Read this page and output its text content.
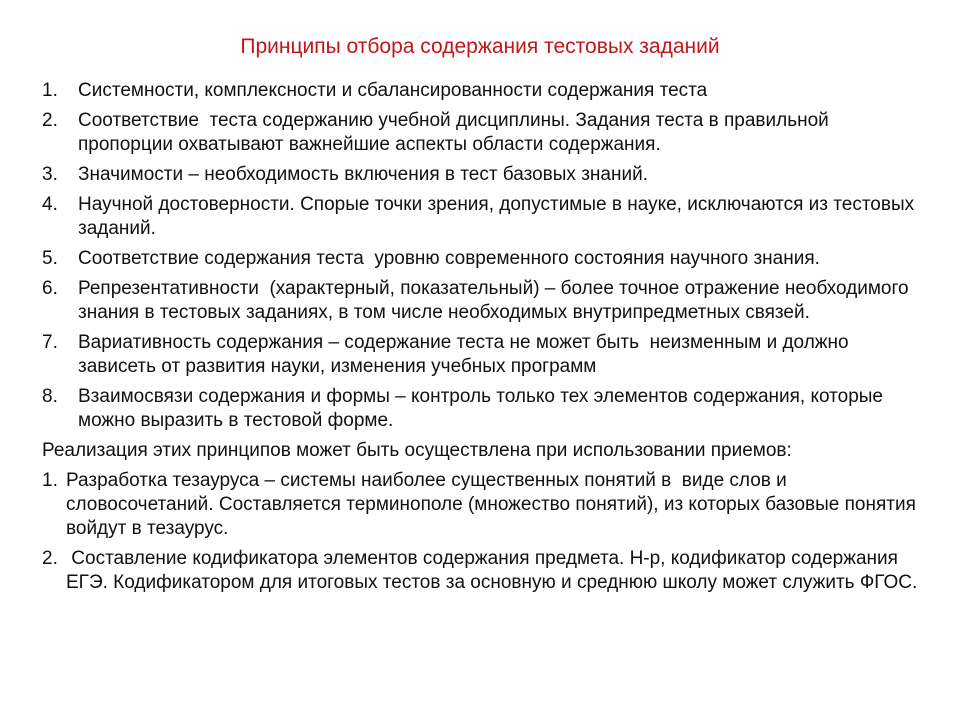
Принципы отбора содержания тестовых заданий
1.	Системности, комплексности и сбалансированности содержания теста
2.	Соответствие  теста содержанию учебной дисциплины. Задания теста в правильной пропорции охватывают важнейшие аспекты области содержания.
3.	Значимости – необходимость включения в тест базовых знаний.
4.	Научной достоверности. Спорые точки зрения, допустимые в науке, исключаются из тестовых заданий.
5.	Соответствие содержания теста  уровню современного состояния научного знания.
6.	Репрезентативности  (характерный, показательный) – более точное отражение необходимого знания в тестовых заданиях, в том числе необходимых внутрипредметных связей.
7.	Вариативность содержания – содержание теста не может быть  неизменным и должно зависеть от развития науки, изменения учебных программ
8.	Взаимосвязи содержания и формы – контроль только тех элементов содержания, которые можно выразить в тестовой форме.

Реализация этих принципов может быть осуществлена при использовании приемов:

1. Разработка тезауруса – системы наиболее существенных понятий в  виде слов и словосочетаний. Составляется терминополе (множество понятий), из которых базовые понятия войдут в тезаурус.
2. Составление кодификатора элементов содержания предмета. Н-р, кодификатор содержания ЕГЭ. Кодификатором для итоговых тестов за основную и среднюю школу может служить ФГОС.
